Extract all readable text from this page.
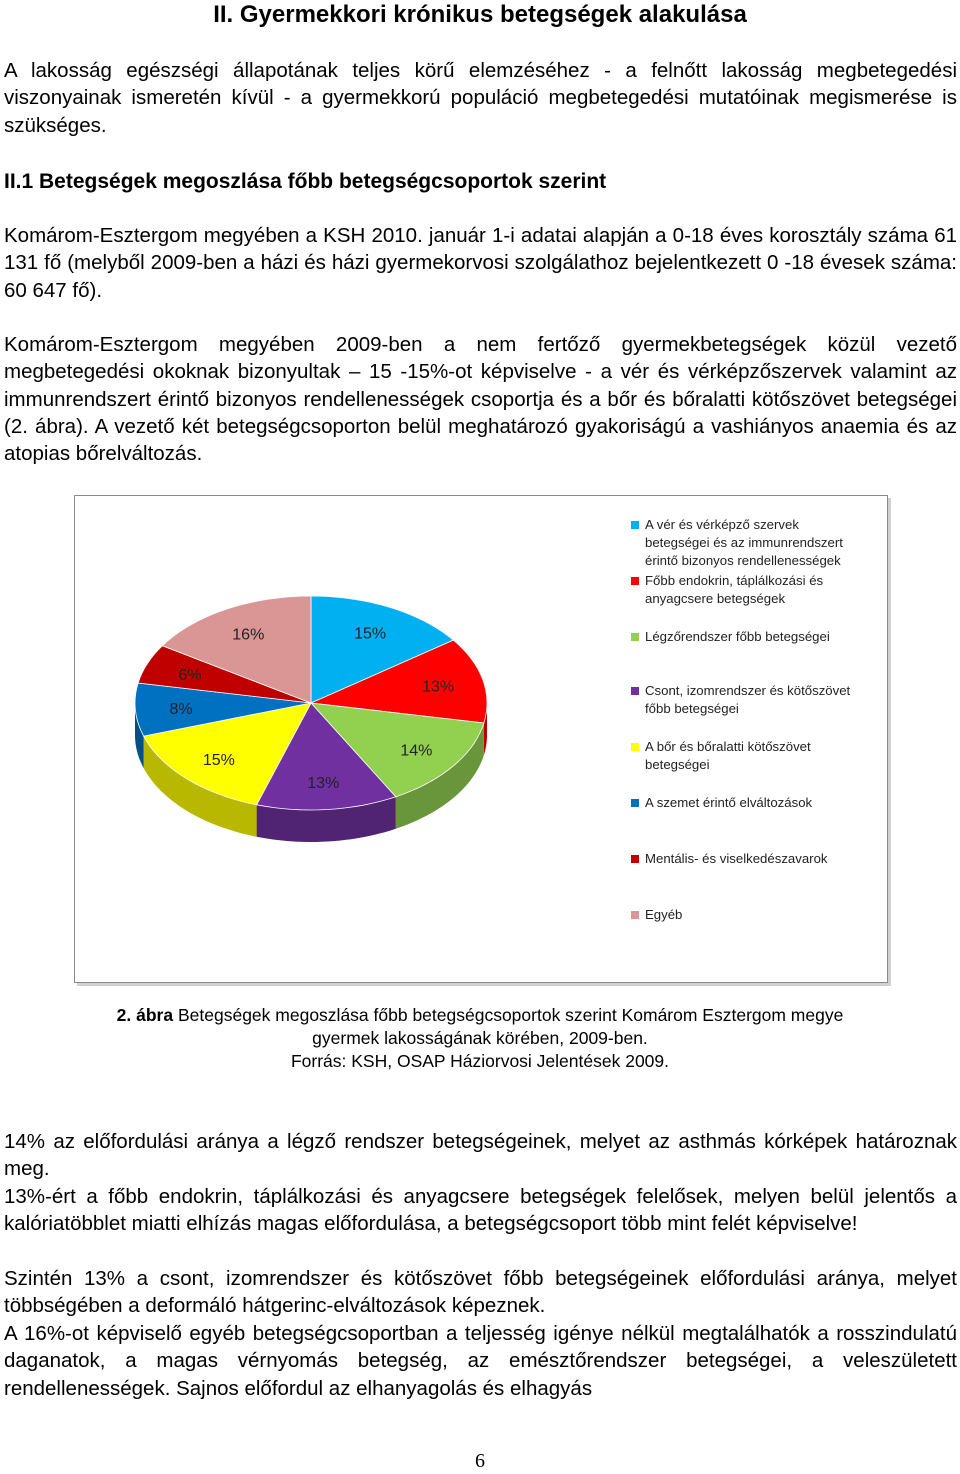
II. Gyermekkori krónikus betegségek alakulása

A lakosság egészségi állapotának teljes körű elemzéséhez - a felnőtt lakosság megbetegedési viszonyainak ismeretén kívül - a gyermekkorú populáció megbetegedési mutatóinak megismerése is szükséges.

II.1 Betegségek megoszlása főbb betegségcsoportok szerint

Komárom-Esztergom megyében a KSH 2010. január 1-i adatai alapján a 0-18 éves korosztály száma 61 131 fő (melyből 2009-ben a házi és házi gyermekorvosi szolgálathoz bejelentkezett 0 -18 évesek száma: 60 647 fő).

Komárom-Esztergom megyében 2009-ben a nem fertőző gyermekbetegségek közül vezető megbetegedési okoknak bizonyultak – 15 -15%-ot képviselve - a vér és vérképzőszervek valamint az immunrendszert érintő bizonyos rendellenességek csoportja és a bőr és bőralatti kötőszövet betegségei (2. ábra). A vezető két betegségcsoporton belül meghatározó gyakoriságú a vashiányos anaemia és az atopias bőrelváltozás.

15%
13%
14%
13%
15%
8%
6%
16%
A vér és vérképző szervek
betegségei és az immunrendszert
érintő bizonyos rendellenességek
Főbb endokrin, táplálkozási és
anyagcsere betegségek
Légzőrendszer főbb betegségei
Csont, izomrendszer és kötőszövet
főbb betegségei
A bőr és bőralatti kötőszövet
betegségei
A szemet érintő elváltozások
Mentális- és viselkedészavarok
Egyéb
2. ábra Betegségek megoszlása főbb betegségcsoportok szerint Komárom Esztergom megye
gyermek lakosságának körében, 2009-ben.
Forrás: KSH, OSAP Háziorvosi Jelentések 2009.

14% az előfordulási aránya a légző rendszer betegségeinek, melyet az asthmás kórképek határoznak meg.

13%-ért a főbb endokrin, táplálkozási és anyagcsere betegségek felelősek, melyen belül jelentős a kalóriatöbblet miatti elhízás magas előfordulása, a betegségcsoport több mint felét képviselve!

Szintén 13% a csont, izomrendszer és kötőszövet főbb betegségeinek előfordulási aránya, melyet többségében a deformáló hátgerinc-elváltozások képeznek.

A 16%-ot képviselő egyéb betegségcsoportban a teljesség igénye nélkül megtalálhatók a rosszindulatú daganatok, a magas vérnyomás betegség, az emésztőrendszer betegségei, a veleszületett rendellenességek. Sajnos előfordul az elhanyagolás és elhagyás

6
